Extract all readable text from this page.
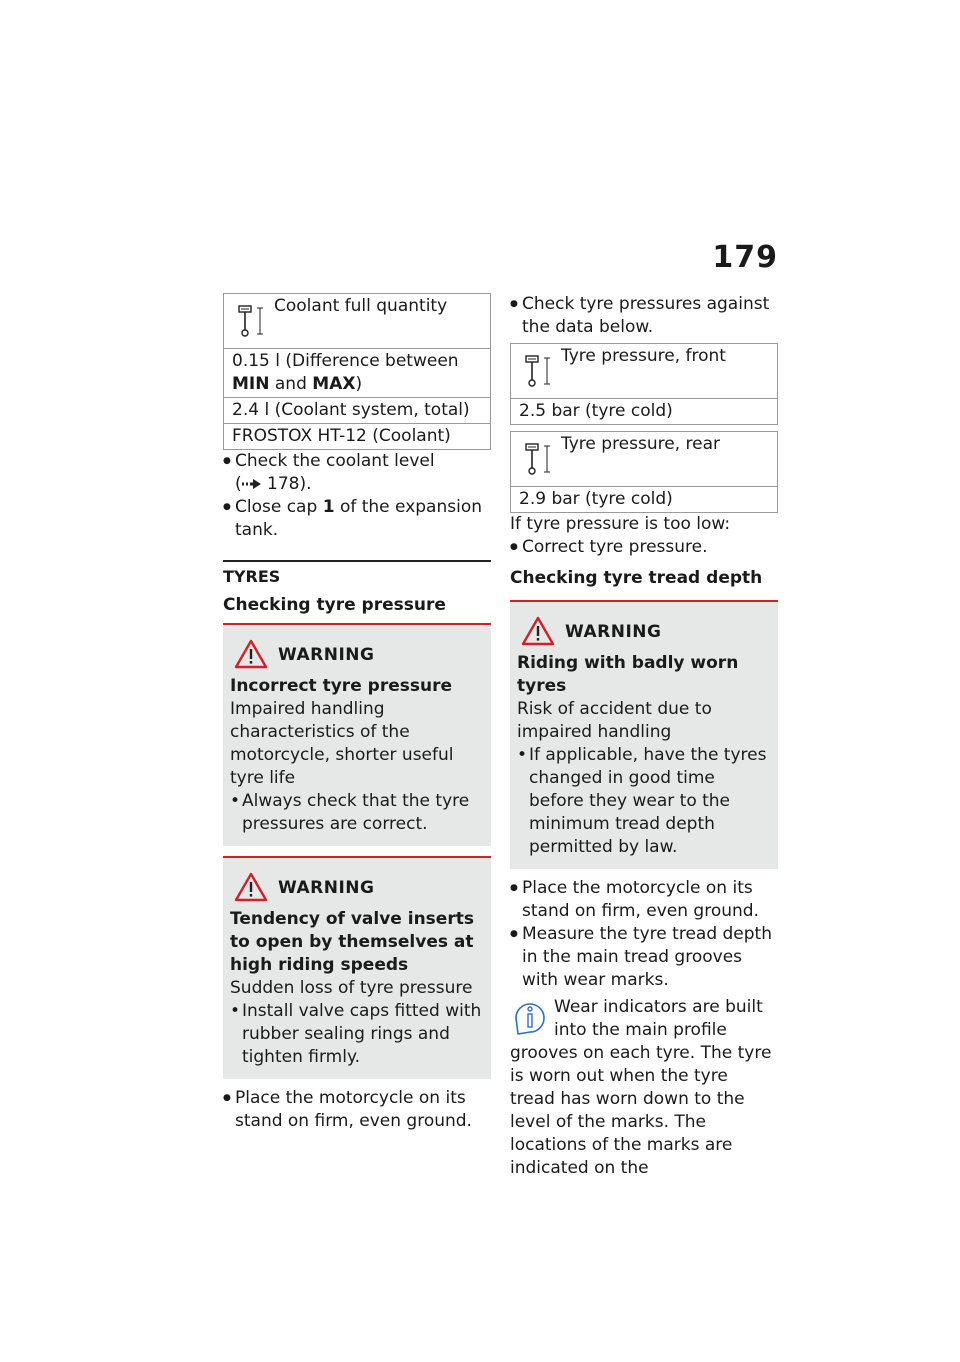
179
Coolant full quantity
0.15 l (Difference between
MIN and MAX)
2.4 l (Coolant system, total)
FROSTOX HT-12 (Coolant)
● Check the coolant level
( 178).
● Close cap 1 of the expansion tank.
TYRES
Checking tyre pressure
WARNING
Incorrect tyre pressure
Impaired handling characteristics of the motorcycle, shorter useful tyre life
• Always check that the tyre pressures are correct.
WARNING
Tendency of valve inserts to open by themselves at high riding speeds
Sudden loss of tyre pressure
• Install valve caps fitted with rubber sealing rings and tighten firmly.
● Place the motorcycle on its stand on firm, even ground.
● Check tyre pressures against the data below.
Tyre pressure, front
2.5 bar (tyre cold)
Tyre pressure, rear
2.9 bar (tyre cold)
If tyre pressure is too low:
● Correct tyre pressure.
Checking tyre tread depth
WARNING
Riding with badly worn tyres
Risk of accident due to impaired handling
• If applicable, have the tyres changed in good time before they wear to the minimum tread depth permitted by law.
● Place the motorcycle on its stand on firm, even ground.
● Measure the tyre tread depth in the main tread grooves with wear marks.
Wear indicators are built into the main profile
grooves on each tyre. The tyre is worn out when the tyre tread has worn down to the level of the marks. The locations of the marks are indicated on the
